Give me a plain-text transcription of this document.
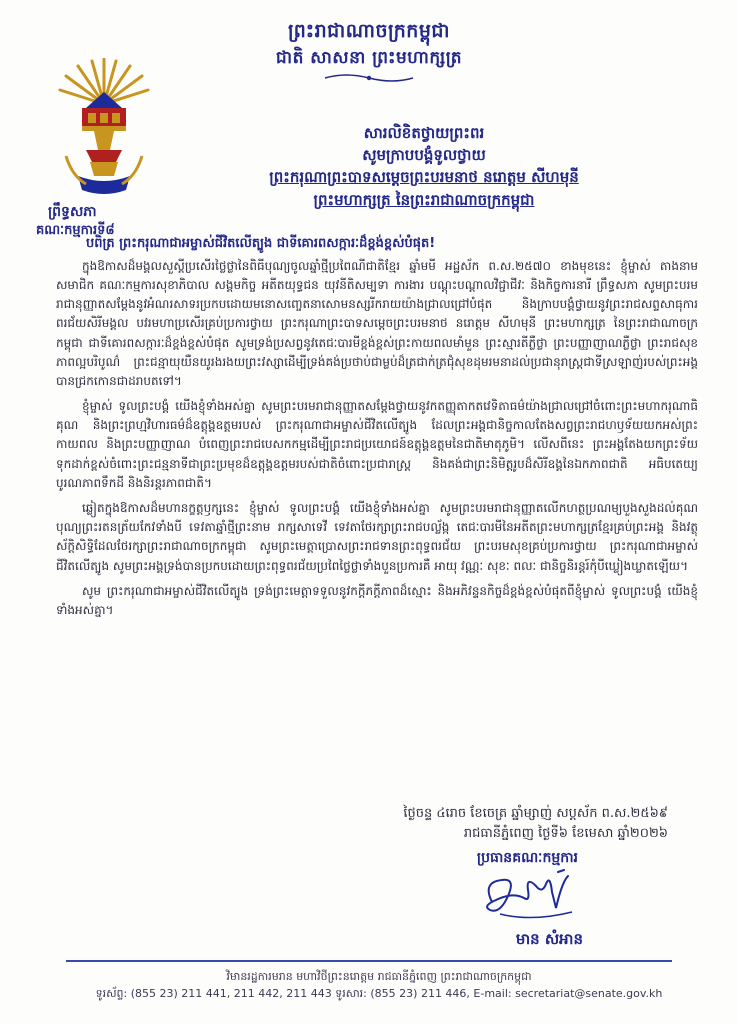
ព្រះរាជាណាចក្រកម្ពុជា
ជាតិ សាសនា ព្រះមហាក្សត្រ
ព្រឹទ្ធសភា
គណៈកម្មការទី៨
សារលិខិតថ្វាយព្រះពរ
សូមក្រាបបង្គំទូលថ្វាយ
ព្រះករុណាព្រះបាទសម្តេចព្រះបរមនាថ នរោត្តម សីហមុនី
ព្រះមហាក្សត្រ នៃព្រះរាជាណាចក្រកម្ពុជា
បពិត្រ ព្រះករុណាជាអម្ចាស់ជីវិតលើត្បូង ជាទីគោរពសក្ការៈដ៏ខ្ពង់ខ្ពស់បំផុត!

ក្នុងឱកាសដ៏មង្គលសួស្តីប្រសើរថ្លៃថ្លានៃពិធីបុណ្យចូលឆ្នាំថ្មីប្រពៃណីជាតិខ្មែរ ឆ្នាំមមី អដ្ឋស័ក ព.ស.២៥៧០ ខាងមុខនេះ ខ្ញុំម្ចាស់ តាងនាមសមាជិក គណៈកម្មការសុខាភិបាល សង្គមកិច្ច អតីតយុទ្ធជន យុវនីតិសម្បទា ការងារ បណ្តុះបណ្តាលវិជ្ជាជីវៈ និងកិច្ចការនារី ព្រឹទ្ធសភា សូមព្រះបរមរាជានុញ្ញាតសម្តែងនូវអំណរសាទរប្រកបដោយមនោសញ្ចេតនាសោមនស្សរីករាយយ៉ាងជ្រាលជ្រៅបំផុត និងក្រាបបង្គំថ្វាយនូវព្រះរាជសព្ទសាធុការពរជ័យសិរីមង្គល បវរមហាប្រសើរគ្រប់ប្រការថ្វាយ ព្រះករុណាព្រះបាទសម្តេចព្រះបរមនាថ នរោត្តម សីហមុនី ព្រះមហាក្សត្រ នៃព្រះរាជាណាចក្រកម្ពុជា ជាទីគោរពសក្ការៈដ៏ខ្ពង់ខ្ពស់បំផុត សូមទ្រង់ប្រសព្វនូវតេជៈបារមីខ្ពង់ខ្ពស់ព្រះកាយពលមាំមួន ព្រះស្មារតីភ្លឺថ្លា ព្រះបញ្ញាញាណភ្លឺថ្លា ព្រះរាជសុខភាពល្អបរិបូណ៌ ព្រះជន្មាយុយឺនយូរងរងយព្រះវស្សាដើម្បីទ្រង់គង់ប្រថាប់ជាម្លប់ដ៏ត្រជាក់ត្រជុំសុខដុមរមនាដល់ប្រជានុរាស្ត្រជាទីស្រឡាញ់របស់ព្រះអង្គបានជ្រកកោនជាដរាបតទៅ។

ខ្ញុំម្ចាស់ ទូលព្រះបង្គំ យើងខ្ញុំទាំងអស់គ្នា សូមព្រះបរមរាជានុញ្ញាតសម្តែងថ្វាយនូវកតញ្ញុតាកតវេទិតាធម៌យ៉ាងជ្រាលជ្រៅចំពោះព្រះមហាករុណាធិគុណ និងព្រះព្រហ្មវិហារធម៌ដ៏ឧត្តុង្គឧត្តមរបស់ ព្រះករុណាជាអម្ចាស់ជីវិតលើត្បូង ដែលព្រះអង្គជានិច្ចកាលតែងសព្វព្រះរាជហឫទ័យយកអស់ព្រះកាយពល និងព្រះបញ្ញាញាណ បំពេញព្រះរាជបេសកកម្មដើម្បីព្រះរាជប្រយោជន៍ឧត្តុង្គឧត្តមនៃជាតិមាតុភូមិ។ លើសពីនេះ ព្រះអង្គតែងយកព្រះទ័យទុកដាក់ខ្ពស់ចំពោះព្រះជន្មនាទីជាព្រះប្រមុខដ៏ឧត្តុង្គឧត្តមរបស់ជាតិចំពោះប្រជារាស្ត្រ និងគង់ជាព្រះនិមិត្តរូបដ៏សិរីឧង្គនៃឯកភាពជាតិ អធិបតេយ្យ បូរណភាពទឹកដី និងនិរន្តរភាពជាតិ។

ឆ្លៀតក្នុងឱកាសដ៏មហានក្ខត្តឫក្សនេះ ខ្ញុំម្ចាស់ ទូលព្រះបង្គំ យើងខ្ញុំទាំងអស់គ្នា សូមព្រះបរមរាជានុញ្ញាតលើកហត្ថប្រណម្យបួងសួងដល់គុណបុណ្យព្រះរតនត្រ័យកែវទាំងបី ទេវតាឆ្នាំថ្មីព្រះនាម រាក្សសាទេវី ទេវតាថែរក្សាព្រះរាជបល្ល័ង្ក តេជៈបារមីនៃអតីតព្រះមហាក្សត្រខ្មែរគ្រប់ព្រះអង្គ និងវត្ថុស័ក្តិសិទ្ធិដែលថែរក្សាព្រះរាជាណាចក្រកម្ពុជា សូមព្រះមេត្តាប្រោសព្រះរាជទានព្រះពុទ្ធពរជ័យ ព្រះបរមសុខគ្រប់ប្រការថ្វាយ ព្រះករុណាជាអម្ចាស់ជីវិតលើត្បូង សូមព្រះអង្គទ្រង់បានប្រកបដោយព្រះពុទ្ធពរជ័យប្រពៃថ្លៃថ្លាទាំងបួនប្រការគឺ អាយុ វណ្ណៈ សុខៈ ពលៈ ជានិច្ចនិរន្តរ៍កុំបីឃ្លៀងឃ្លាតឡើយ។

សូម ព្រះករុណាជាអម្ចាស់ជីវិតលើត្បូង ទ្រង់ព្រះមេត្តាទទួលនូវកក្តីភក្តីភាពដ៏ស្មោះ និងអភិវន្ទនកិច្ចដ៏ខ្ពង់ខ្ពស់បំផុតពីខ្ញុំម្ចាស់ ទូលព្រះបង្គំ យើងខ្ញុំទាំងអស់គ្នា។

ថ្ងៃចន្ទ ៤រោច ខែចេត្រ ឆ្នាំម្សាញ់ សប្តស័ក ព.ស.២៥៦៩
រាជធានីភ្នំពេញ ថ្ងៃទី៦ ខែមេសា ឆ្នាំ២០២៦
ប្រធានគណៈកម្មការ
មាន សំអាន
វិមានរដ្ឋការមរាន មហាវិថីព្រះនរោត្តម រាជធានីភ្នំពេញ ព្រះរាជាណាចក្រកម្ពុជា
ទូរស័ព្ទ: (855 23) 211 441, 211 442, 211 443 ទូរសារ: (855 23) 211 446, E-mail: secretariat@senate.gov.kh
